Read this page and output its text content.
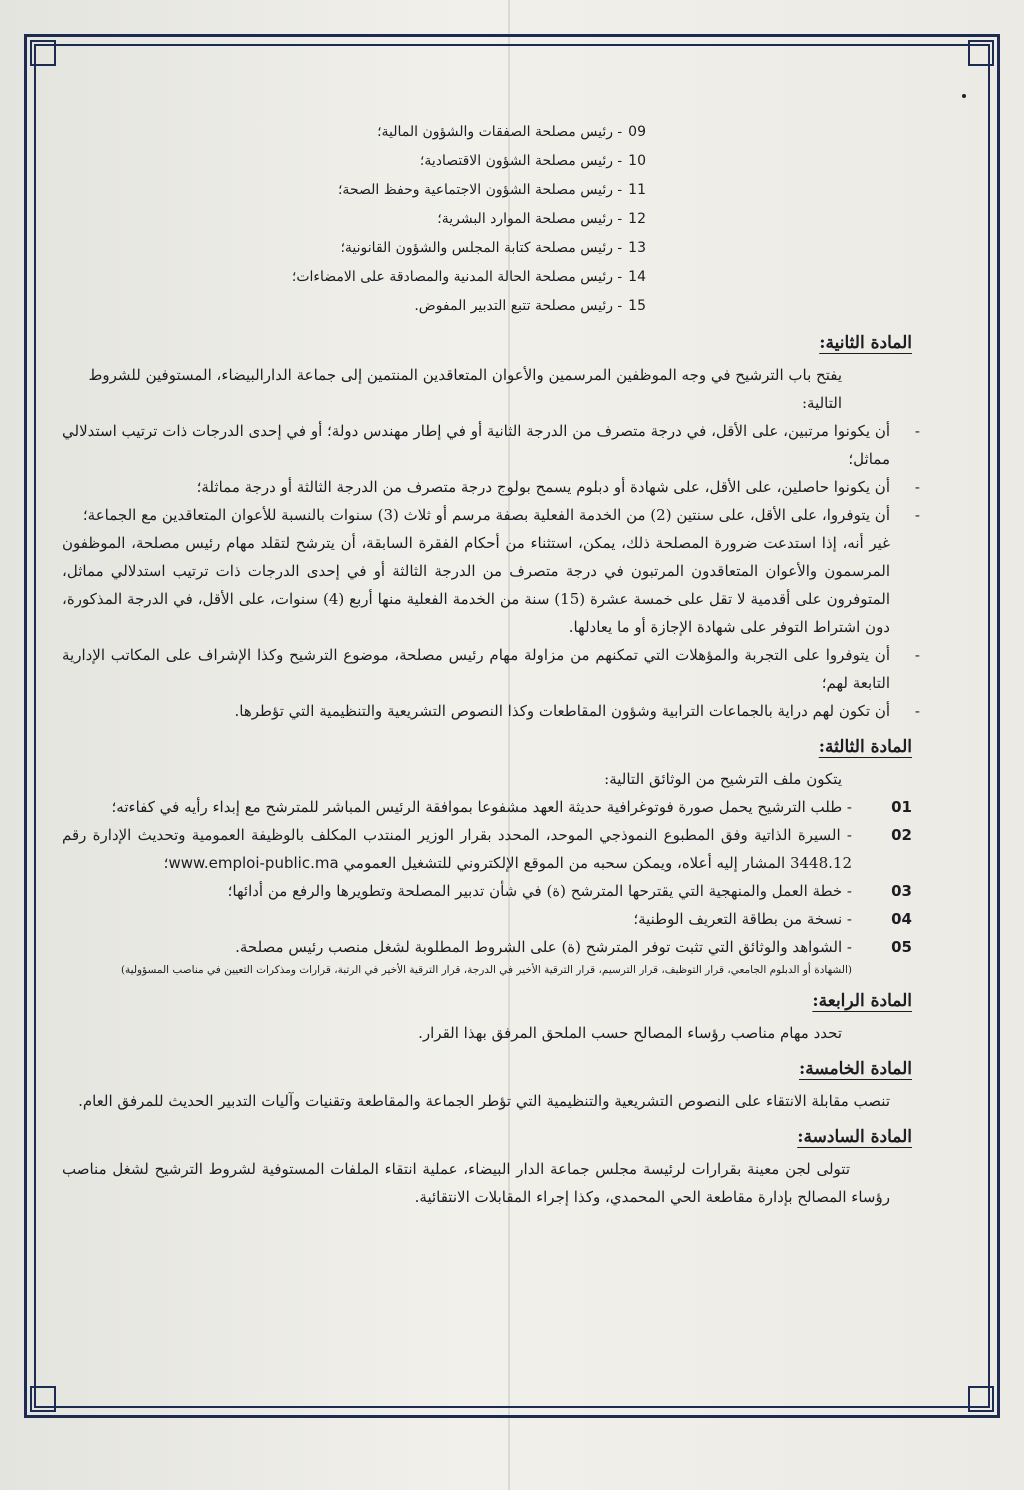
09- رئيس مصلحة الصفقات والشؤون المالية؛
10- رئيس مصلحة الشؤون الاقتصادية؛
11- رئيس مصلحة الشؤون الاجتماعية وحفظ الصحة؛
12- رئيس مصلحة الموارد البشرية؛
13- رئيس مصلحة كتابة المجلس والشؤون القانونية؛
14- رئيس مصلحة الحالة المدنية والمصادقة على الامضاءات؛
15- رئيس مصلحة تتبع التدبير المفوض.
المادة الثانية:

يفتح باب الترشيح في وجه الموظفين المرسمين والأعوان المتعاقدين المنتمين إلى جماعة الدارالبيضاء، المستوفين للشروط التالية:

-
أن يكونوا مرتبين، على الأقل، في درجة متصرف من الدرجة الثانية أو في إطار مهندس دولة؛ أو في إحدى الدرجات ذات ترتيب استدلالي مماثل؛
-
أن يكونوا حاصلين، على الأقل، على شهادة أو دبلوم يسمح بولوج درجة متصرف من الدرجة الثالثة أو درجة مماثلة؛
-
أن يتوفروا، على الأقل، على سنتين (2) من الخدمة الفعلية بصفة مرسم أو ثلاث (3) سنوات بالنسبة للأعوان المتعاقدين مع الجماعة؛

غير أنه، إذا استدعت ضرورة المصلحة ذلك، يمكن، استثناء من أحكام الفقرة السابقة، أن يترشح لتقلد مهام رئيس مصلحة، الموظفون المرسمون والأعوان المتعاقدون المرتبون في درجة متصرف من الدرجة الثالثة أو في إحدى الدرجات ذات ترتيب استدلالي مماثل، المتوفرون على أقدمية لا تقل على خمسة عشرة (15) سنة من الخدمة الفعلية منها أربع (4) سنوات، على الأقل، في الدرجة المذكورة، دون اشتراط التوفر على شهادة الإجازة أو ما يعادلها.

-
أن يتوفروا على التجربة والمؤهلات التي تمكنهم من مزاولة مهام رئيس مصلحة، موضوع الترشيح وكذا الإشراف على المكاتب الإدارية التابعة لهم؛
-
أن تكون لهم دراية بالجماعات الترابية وشؤون المقاطعات وكذا النصوص التشريعية والتنظيمية التي تؤطرها.
المادة الثالثة:

يتكون ملف الترشيح من الوثائق التالية:

01
- طلب الترشيح يحمل صورة فوتوغرافية حديثة العهد مشفوعا بموافقة الرئيس المباشر للمترشح مع إبداء رأيه في كفاءته؛
02
- السيرة الذاتية وفق المطبوع النموذجي الموحد، المحدد بقرار الوزير المنتدب المكلف بالوظيفة العمومية وتحديث الإدارة رقم 3448.12 المشار إليه أعلاه، ويمكن سحبه من الموقع الإلكتروني للتشغيل العمومي www.emploi-public.ma؛
03
- خطة العمل والمنهجية التي يقترحها المترشح (ة) في شأن تدبير المصلحة وتطويرها والرفع من أدائها؛
04
- نسخة من بطاقة التعريف الوطنية؛
05
- الشواهد والوثائق التي تثبت توفر المترشح (ة) على الشروط المطلوبة لشغل منصب رئيس مصلحة.

(الشهادة أو الدبلوم الجامعي، قرار التوظيف، قرار الترسيم، قرار الترقية الأخير في الدرجة، قرار الترقية الأخير في الرتبة، قرارات ومذكرات التعيين في مناصب المسؤولية)

المادة الرابعة:

تحدد مهام مناصب رؤساء المصالح حسب الملحق المرفق بهذا القرار.

المادة الخامسة:

تنصب مقابلة الانتقاء على النصوص التشريعية والتنظيمية التي تؤطر الجماعة والمقاطعة وتقنيات وآليات التدبير الحديث للمرفق العام.

المادة السادسة:

تتولى لجن معينة بقرارات لرئيسة مجلس جماعة الدار البيضاء، عملية انتقاء الملفات المستوفية لشروط الترشيح لشغل مناصب رؤساء المصالح بإدارة مقاطعة الحي المحمدي، وكذا إجراء المقابلات الانتقائية.
